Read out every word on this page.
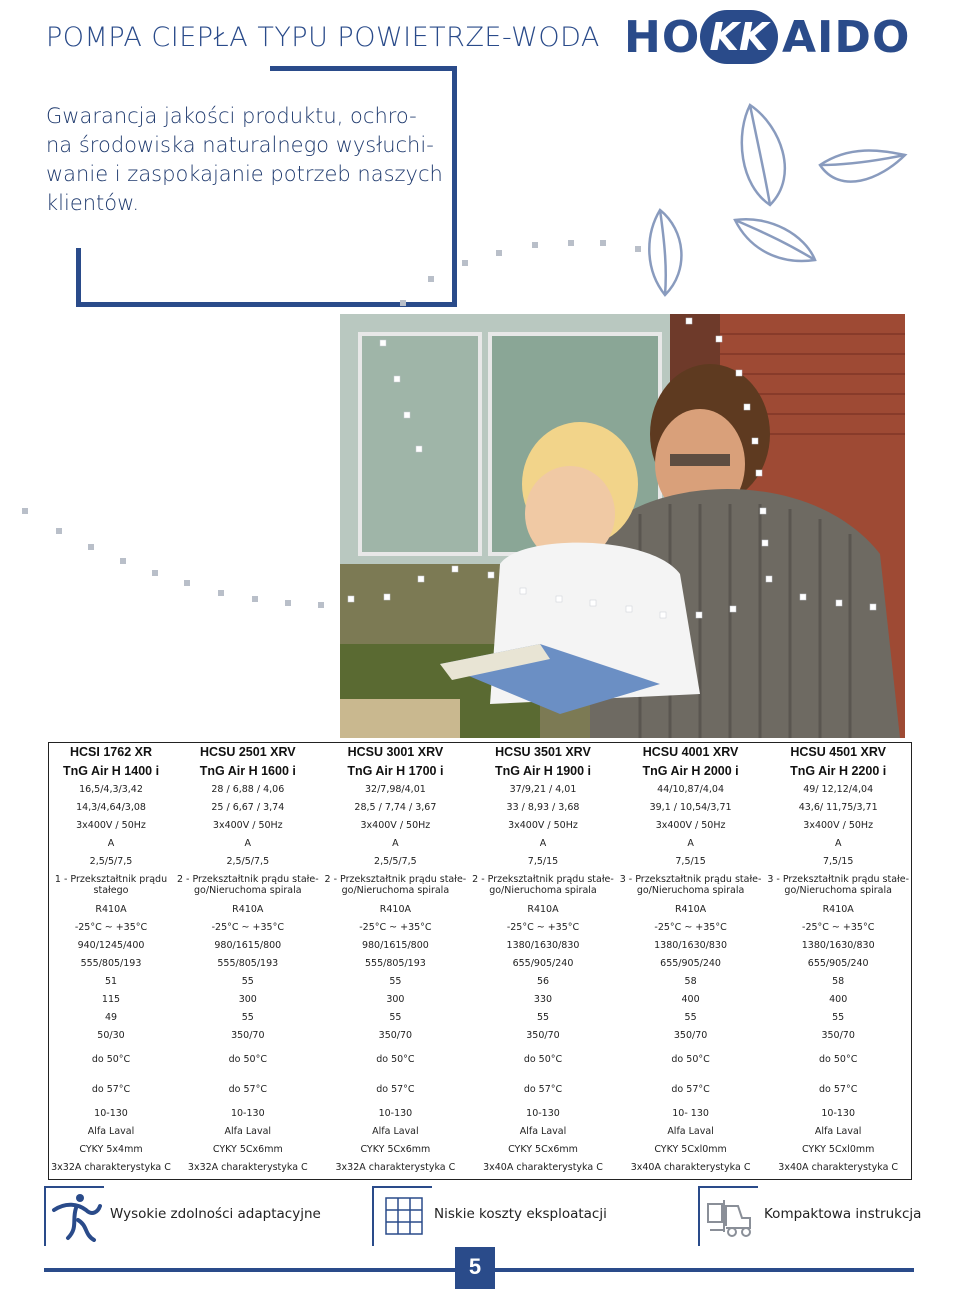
POMPA CIEPŁA TYPU POWIETRZE-WODA HO KK AIDO
Gwarancja jakości produktu, ochro-
na środowiska naturalnego wysłuchi-
wanie i zaspokajanie potrzeb naszych
klientów.
HCSI 1762 XR	HCSU 2501 XRV	HCSU 3001 XRV	HCSU 3501 XRV	HCSU 4001 XRV	HCSU 4501 XRV
TnG Air H 1400 i	TnG Air H 1600 i	TnG Air H 1700 i	TnG Air H 1900 i	TnG Air H 2000 i	TnG Air H 2200 i
16,5/4,3/3,42	28 / 6,88 / 4,06	32/7,98/4,01	37/9,21 / 4,01	44/10,87/4,04	49/ 12,12/4,04
14,3/4,64/3,08	25 / 6,67 / 3,74	28,5 / 7,74 / 3,67	33 / 8,93 / 3,68	39,1 / 10,54/3,71	43,6/ 11,75/3,71
3x400V / 50Hz	3x400V / 50Hz	3x400V / 50Hz	3x400V / 50Hz	3x400V / 50Hz	3x400V / 50Hz
A	A	A	A	A	A
2,5/5/7,5	2,5/5/7,5	2,5/5/7,5	7,5/15	7,5/15	7,5/15
1 - Przekształtnik prądu stałego	2 - Przekształtnik prądu stałe-go/Nieruchoma spirala	2 - Przekształtnik prądu stałe-go/Nieruchoma spirala	2 - Przekształtnik prądu stałe-go/Nieruchoma spirala	3 - Przekształtnik prądu stałe-go/Nieruchoma spirala	3 - Przekształtnik prądu stałe-go/Nieruchoma spirala
R410A	R410A	R410A	R410A	R410A	R410A
-25°C ~ +35°C	-25°C ~ +35°C	-25°C ~ +35°C	-25°C ~ +35°C	-25°C ~ +35°C	-25°C ~ +35°C
940/1245/400	980/1615/800	980/1615/800	1380/1630/830	1380/1630/830	1380/1630/830
555/805/193	555/805/193	555/805/193	655/905/240	655/905/240	655/905/240
51	55	55	56	58	58
115	300	300	330	400	400
49	55	55	55	55	55
50/30	350/70	350/70	350/70	350/70	350/70
do 50°C	do 50°C	do 50°C	do 50°C	do 50°C	do 50°C
do 57°C	do 57°C	do 57°C	do 57°C	do 57°C	do 57°C
10-130	10-130	10-130	10-130	10- 130	10-130
Alfa Laval	Alfa Laval	Alfa Laval	Alfa Laval	Alfa Laval	Alfa Laval
CYKY 5x4mm	CYKY 5Cx6mm	CYKY 5Cx6mm	CYKY 5Cx6mm	CYKY 5Cxl0mm	CYKY 5Cxl0mm
3x32A charakterystyka C	3x32A charakterystyka C	3x32A charakterystyka C	3x40A charakterystyka C	3x40A charakterystyka C	3x40A charakterystyka C
Wysokie zdolności adaptacyjne	Niskie koszty eksploatacji	Kompaktowa instrukcja
5
